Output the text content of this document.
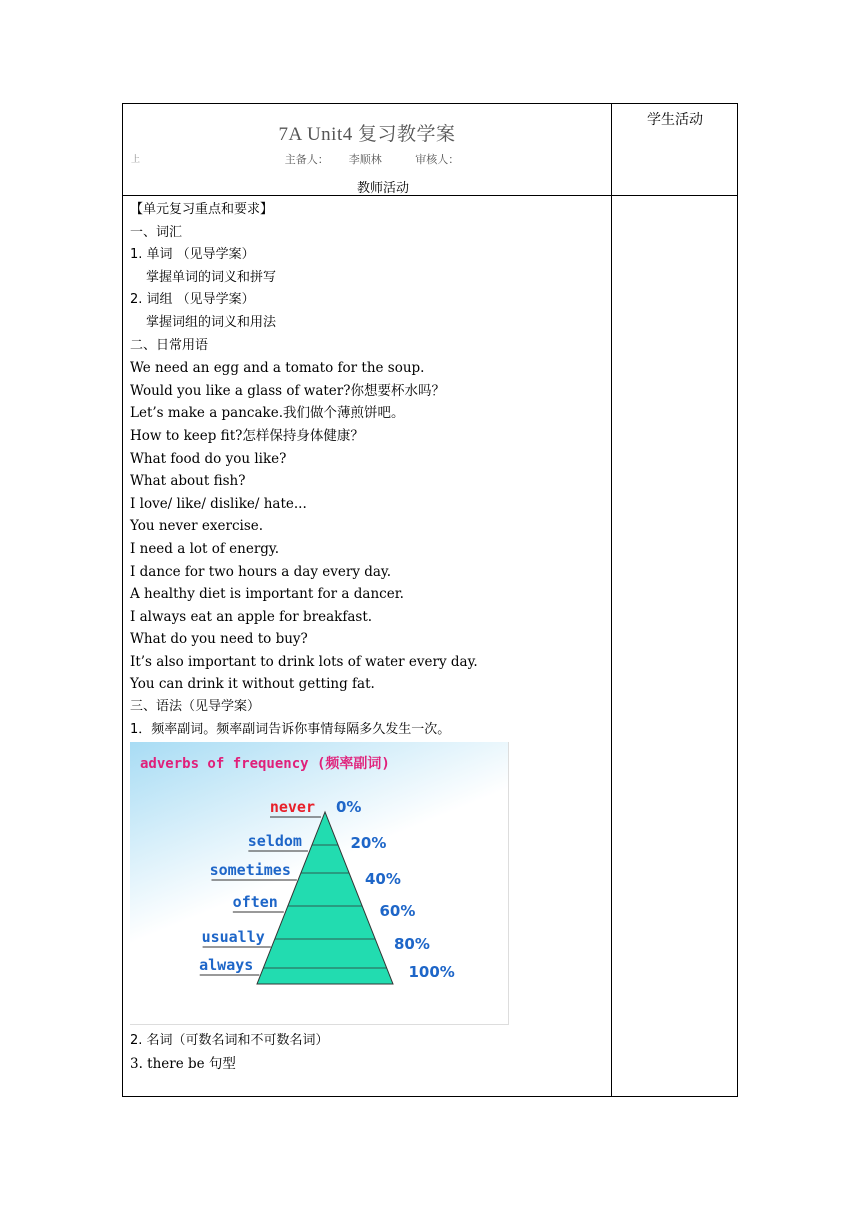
7A Unit4 复习教学案
上	主备人： 李顺林	审核人：
教师活动
学生活动
【单元复习重点和要求】
一、词汇
1. 单词 （见导学案）
掌握单词的词义和拼写
2. 词组 （见导学案）
掌握词组的词义和用法
二、日常用语
We need an egg and a tomato for the soup.
Would you like a glass of water?你想要杯水吗？
Let’s make a pancake.我们做个薄煎饼吧。
How to keep fit?怎样保持身体健康？
What food do you like?
What about fish?
I love/ like/ dislike/ hate...
You never exercise.
I need a lot of energy.
I dance for two hours a day every day.
A healthy diet is important for a dancer.
I always eat an apple for breakfast.
What do you need to buy?
It’s also important to drink lots of water every day.
You can drink it without getting fat.
三、语法（见导学案）
1．频率副词。频率副词告诉你事情每隔多久发生一次。
adverbs of frequency (频率副词)
never 0%
seldom	20%
sometimes	40%
often	60%
usually	80%
always	100%
2. 名词（可数名词和不可数名词）
3. there be 句型
